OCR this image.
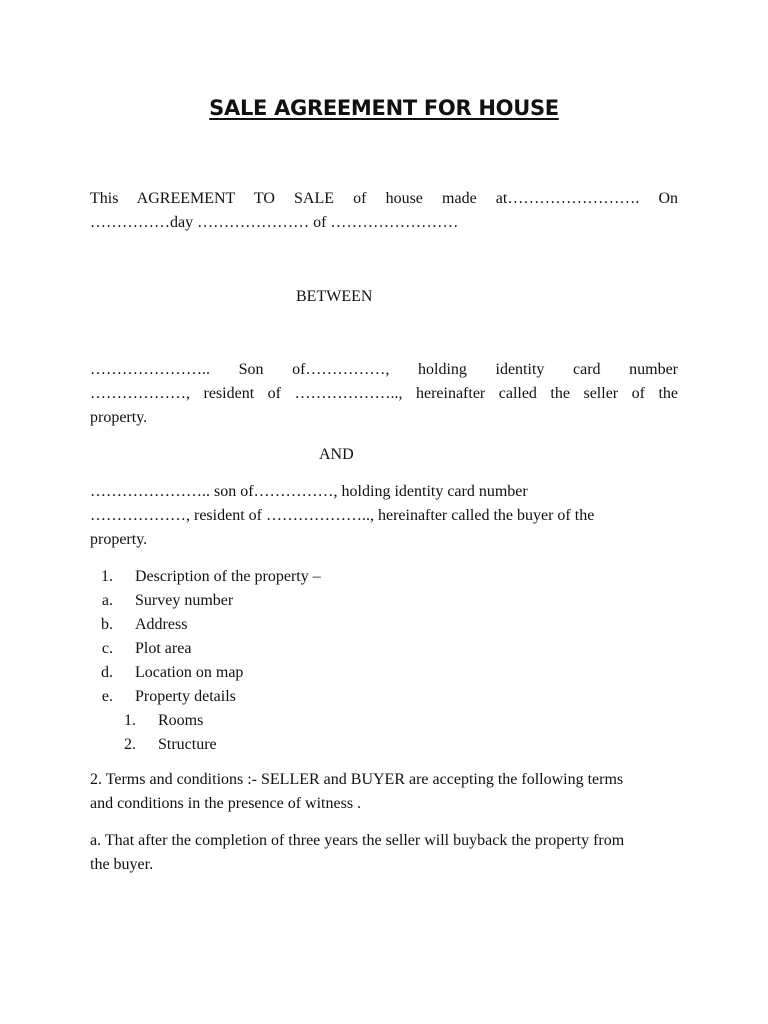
SALE AGREEMENT FOR HOUSE

This AGREEMENT TO SALE of house made at……………………. On
……………day ………………… of ……………………

BETWEEN

………………….. Son of……………, holding identity card number
………………, resident of ……………….., hereinafter called the seller of the
property.

AND

………………….. son of……………, holding identity card number
………………, resident of ……………….., hereinafter called the buyer of the
property.

1. Description of the property –
a. Survey number
b. Address
c. Plot area
d. Location on map
e. Property details
1. Rooms
2. Structure

2. Terms and conditions :- SELLER and BUYER are accepting the following terms
and conditions in the presence of witness .

a. That after the completion of three years the seller will buyback the property from
the buyer.
